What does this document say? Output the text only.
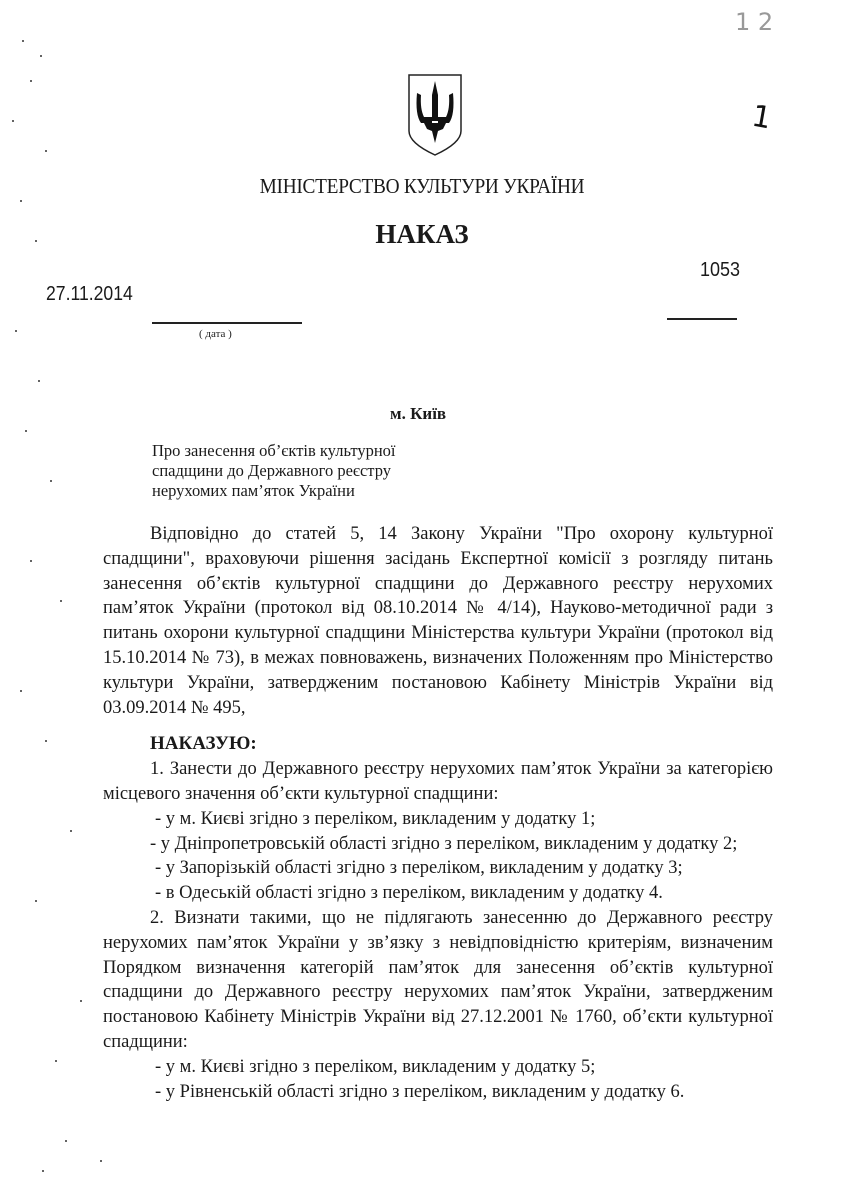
1 2
1
МІНІСТЕРСТВО КУЛЬТУРИ УКРАЇНИ
НАКАЗ
1053
27.11.2014
( дата )
м. Київ
Про занесення об’єктів культурної
спадщини до Державного реєстру
нерухомих пам’яток України

Відповідно до статей 5, 14 Закону України "Про охорону культурної спадщини", враховуючи рішення засідань Експертної комісії з розгляду питань занесення об’єктів культурної спадщини до Державного реєстру нерухомих пам’яток України (протокол від 08.10.2014 № 4/14), Науково-методичної ради з питань охорони культурної спадщини Міністерства культури України (протокол від 15.10.2014 № 73), в межах повноважень, визначених Положенням про Міністерство культури України, затвердженим постановою Кабінету Міністрів України від 03.09.2014 № 495,

НАКАЗУЮ:

1. Занести до Державного реєстру нерухомих пам’яток України за категорією місцевого значення об’єкти культурної спадщини:

- у м. Києві згідно з переліком, викладеним у додатку 1;

- у Дніпропетровській області згідно з переліком, викладеним у додатку 2;

- у Запорізькій області згідно з переліком, викладеним у додатку 3;

- в Одеській області згідно з переліком, викладеним у додатку 4.

2. Визнати такими, що не підлягають занесенню до Державного реєстру нерухомих пам’яток України у зв’язку з невідповідністю критеріям, визначеним Порядком визначення категорій пам’яток для занесення об’єктів культурної спадщини до Державного реєстру нерухомих пам’яток України, затвердженим постановою Кабінету Міністрів України від 27.12.2001 № 1760, об’єкти культурної спадщини:

- у м. Києві згідно з переліком, викладеним у додатку 5;

- у Рівненській області згідно з переліком, викладеним у додатку 6.
